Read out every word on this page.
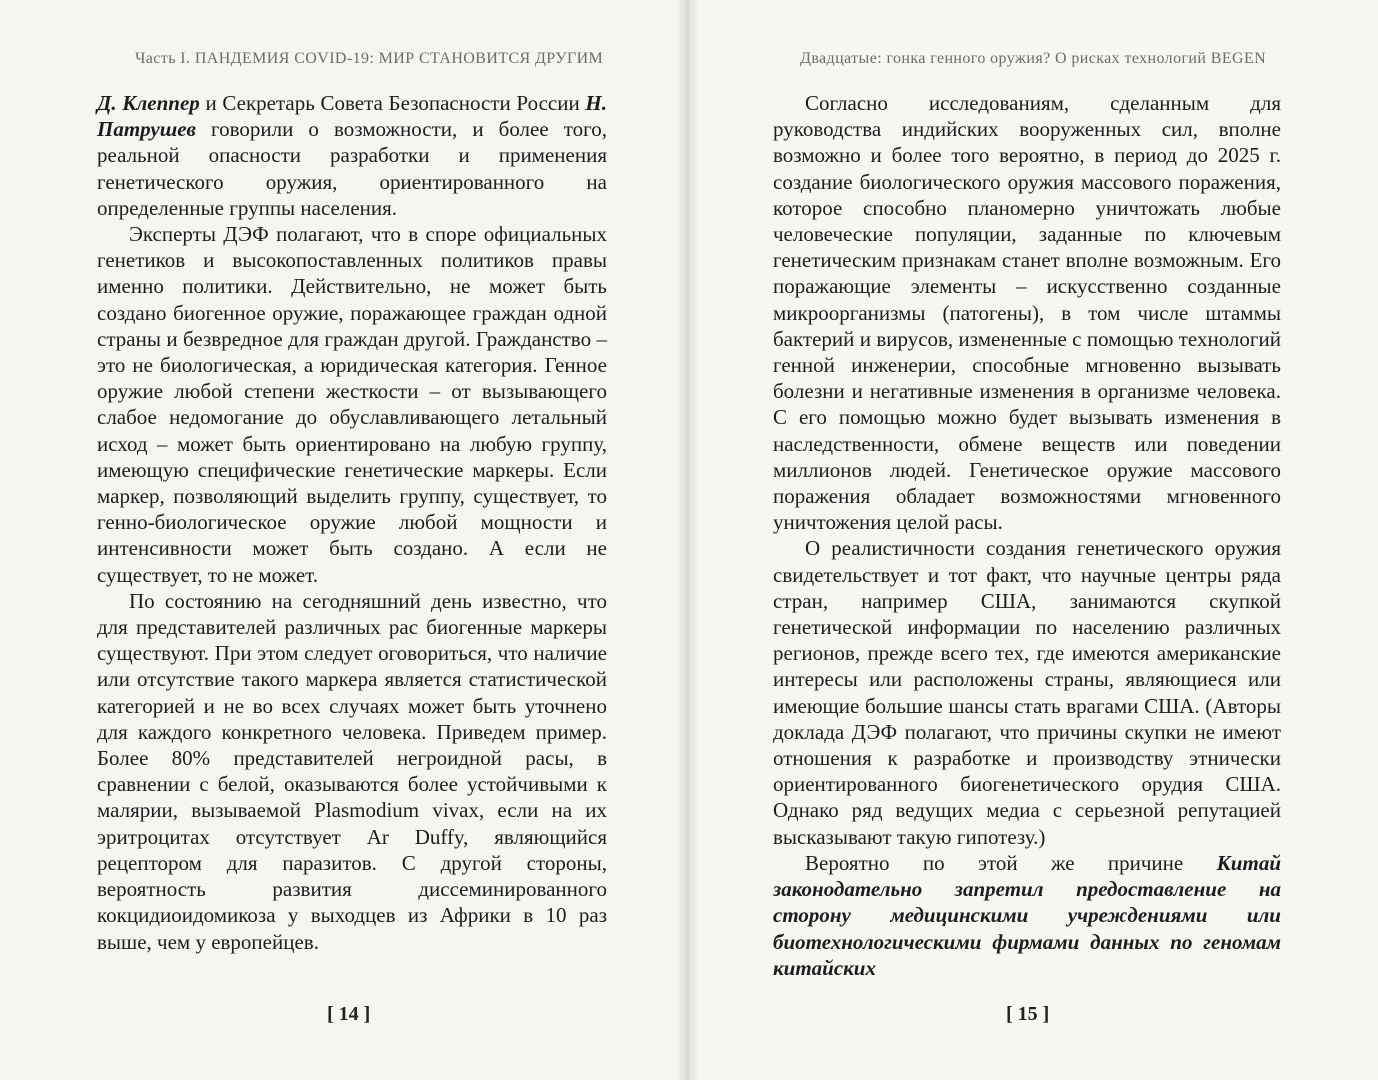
Часть I. ПАНДЕМИЯ COVID-19: МИР СТАНОВИТСЯ ДРУГИМ

Д. Клеппер и Секретарь Совета Безопасности России Н. Патрушев говорили о возможности, и более того, реальной опасности разработки и применения генетического оружия, ориентированного на определенные группы населения.

Эксперты ДЭФ полагают, что в споре официальных генетиков и высокопоставленных политиков правы именно политики. Действительно, не может быть создано биогенное оружие, поражающее граждан одной страны и безвредное для граждан другой. Гражданство – это не биологическая, а юридическая категория. Генное оружие любой степени жесткости – от вызывающего слабое недомогание до обуславливающего летальный исход – может быть ориентировано на любую группу, имеющую специфические генетические маркеры. Если маркер, позволяющий выделить группу, существует, то генно-биологическое оружие любой мощности и интенсивности может быть создано. А если не существует, то не может.

По состоянию на сегодняшний день известно, что для представителей различных рас биогенные маркеры существуют. При этом следует оговориться, что наличие или отсутствие такого маркера является статистической категорией и не во всех случаях может быть уточнено для каждого конкретного человека. Приведем пример. Более 80% представителей негроидной расы, в сравнении с белой, оказываются более устойчивыми к малярии, вызываемой Plasmodium vivax, если на их эритроцитах отсутствует Ar Duffy, являющийся рецептором для паразитов. С другой стороны, вероятность развития диссеминированного кокцидиоидомикоза у выходцев из Африки в 10 раз выше, чем у европейцев.

[ 14 ]
Двадцатые: гонка генного оружия? О рисках технологий BEGEN

Согласно исследованиям, сделанным для руководства индийских вооруженных сил, вполне возможно и более того вероятно, в период до 2025 г. создание биологического оружия массового поражения, которое способно планомерно уничтожать любые человеческие популяции, заданные по ключевым генетическим признакам станет вполне возможным. Его поражающие элементы – искусственно созданные микроорганизмы (патогены), в том числе штаммы бактерий и вирусов, измененные с помощью технологий генной инженерии, способные мгновенно вызывать болезни и негативные изменения в организме человека. С его помощью можно будет вызывать изменения в наследственности, обмене веществ или поведении миллионов людей. Генетическое оружие массового поражения обладает возможностями мгновенного уничтожения целой расы.

О реалистичности создания генетического оружия свидетельствует и тот факт, что научные центры ряда стран, например США, занимаются скупкой генетической информации по населению различных регионов, прежде всего тех, где имеются американские интересы или расположены страны, являющиеся или имеющие большие шансы стать врагами США. (Авторы доклада ДЭФ полагают, что причины скупки не имеют отношения к разработке и производству этнически ориентированного биогенетического орудия США. Однако ряд ведущих медиа с серьезной репутацией высказывают такую гипотезу.)

Вероятно по этой же причине Китай законодательно запретил предоставление на сторону медицинскими учреждениями или биотехнологическими фирмами данных по геномам китайских

[ 15 ]
